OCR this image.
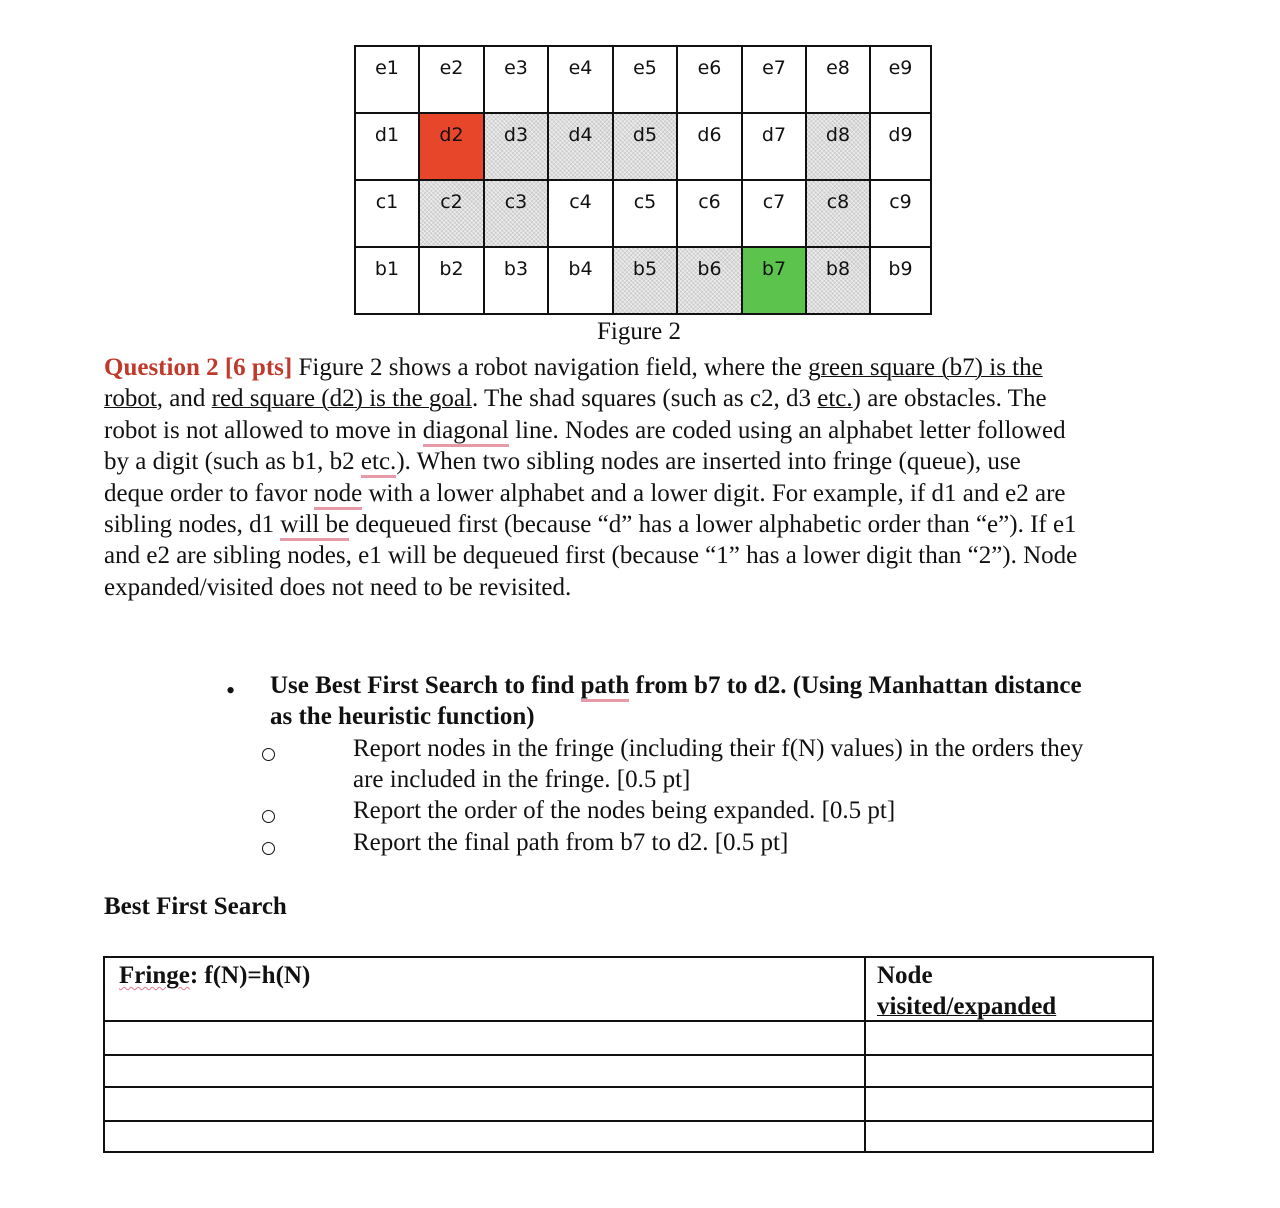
e1	e2	e3	e4	e5	e6	e7	e8	e9
d1	d2	d3	d4	d5	d6	d7	d8	d9
c1	c2	c3	c4	c5	c6	c7	c8	c9
b1	b2	b3	b4	b5	b6	b7	b8	b9
Figure 2
Question 2 [6 pts] Figure 2 shows a robot navigation field, where the green square (b7) is the
robot, and red square (d2) is the goal. The shad squares (such as c2, d3 etc.) are obstacles. The
robot is not allowed to move in diagonal line. Nodes are coded using an alphabet letter followed
by a digit (such as b1, b2 etc.). When two sibling nodes are inserted into fringe (queue), use
deque order to favor node with a lower alphabet and a lower digit. For example, if d1 and e2 are
sibling nodes, d1 will be dequeued first (because “d” has a lower alphabetic order than “e”). If e1
and e2 are sibling nodes, e1 will be dequeued first (because “1” has a lower digit than “2”). Node
expanded/visited does not need to be revisited.
• Use Best First Search to find path from b7 to d2. (Using Manhattan distance
as the heuristic function)
Report nodes in the fringe (including their f(N) values) in the orders they
are included in the fringe. [0.5 pt]
Report the order of the nodes being expanded. [0.5 pt]
Report the final path from b7 to d2. [0.5 pt]
Best First Search
Fringe: f(N)=h(N)	Node
visited/expanded
